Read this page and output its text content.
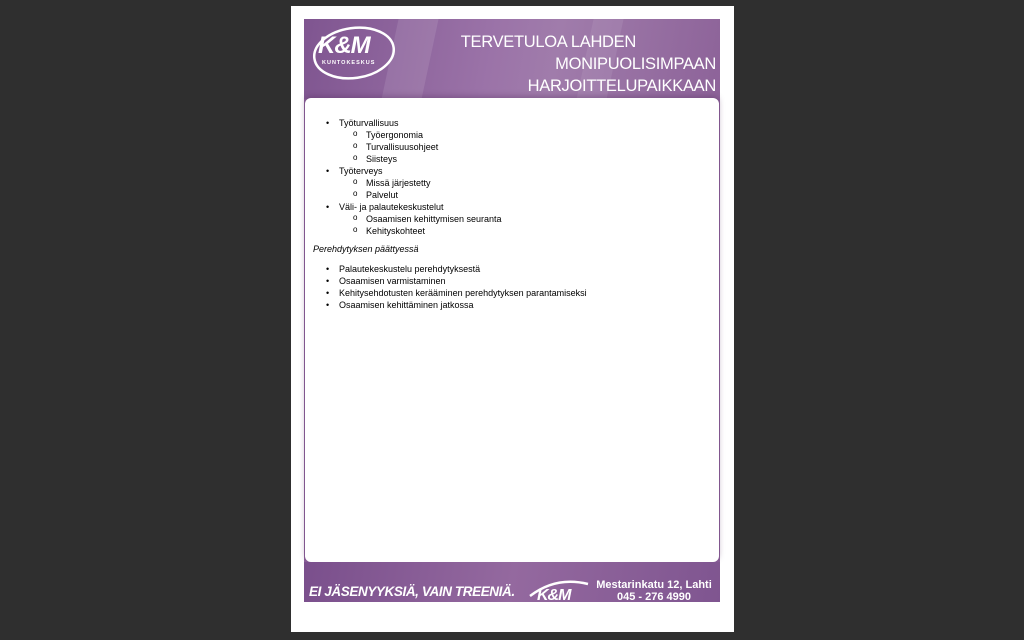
K&M
KUNTOKESKUS
TERVETULOA LAHDEN
MONIPUOLISIMPAAN HARJOITTELUPAIKKAAN
• Työturvallisuus
o Työergonomia
o Turvallisuusohjeet
o Siisteys
• Työterveys
o Missä järjestetty
o Palvelut
• Väli- ja palautekeskustelut
o Osaamisen kehittymisen seuranta
o Kehityskohteet
Perehdytyksen päättyessä
• Palautekeskustelu perehdytyksestä
• Osaamisen varmistaminen
• Kehitysehdotusten kerääminen perehdytyksen parantamiseksi
• Osaamisen kehittäminen jatkossa
EI JÄSENYYKSIÄ, VAIN TREENIÄ. K&M
Mestarinkatu 12, Lahti
045 - 276 4990
